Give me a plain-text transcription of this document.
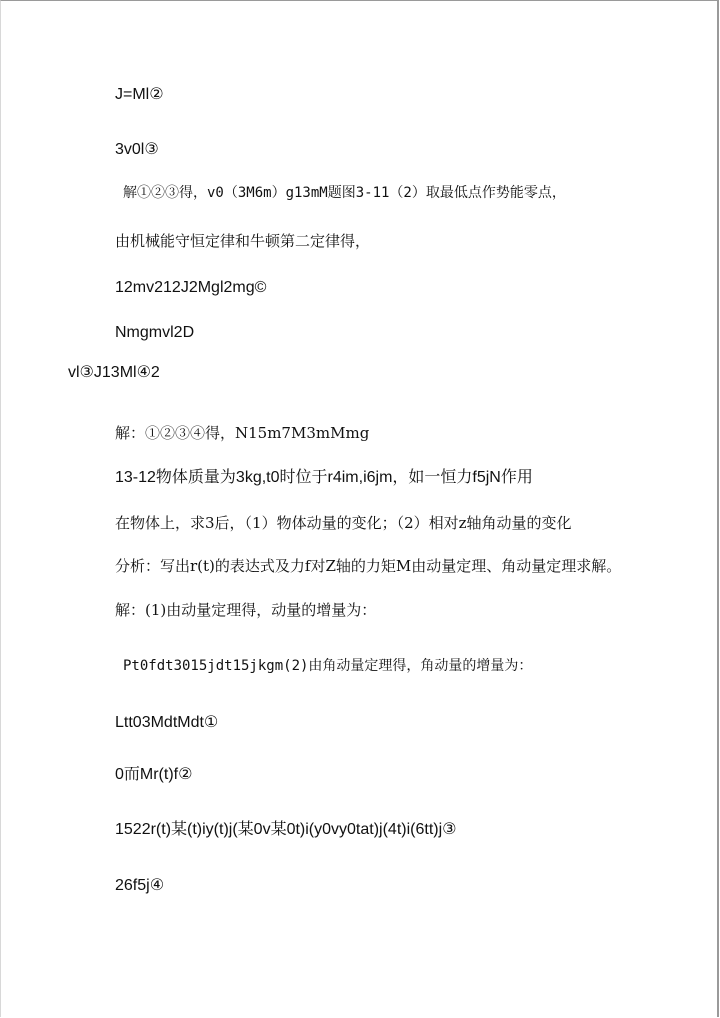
J=Ml②
3v0l③
解①②③得，v0（3M6m）g13mM题图3-11（2）取最低点作势能零点，
由机械能守恒定律和牛顿第二定律得，
12mv212J2Mgl2mg©
Nmgmvl2D
vl③J13Ml④2
解：①②③④得，N15m7M3mMmg
13-12物体质量为3kg,t0时位于r4im,i6jm，如一恒力f5jN作用
在物体上，求3后，（1）物体动量的变化；（2）相对z轴角动量的变化
分析：写出r(t)的表达式及力f对Z轴的力矩M由动量定理、角动量定理求解。
解：(1)由动量定理得，动量的增量为：
Pt0fdt3015jdt15jkgm(2)由角动量定理得，角动量的增量为：
Ltt03MdtMdt①
0而Mr(t)f②
1522r(t)某(t)iy(t)j(某0v某0t)i(y0vy0tat)j(4t)i(6tt)j③
26f5j④
